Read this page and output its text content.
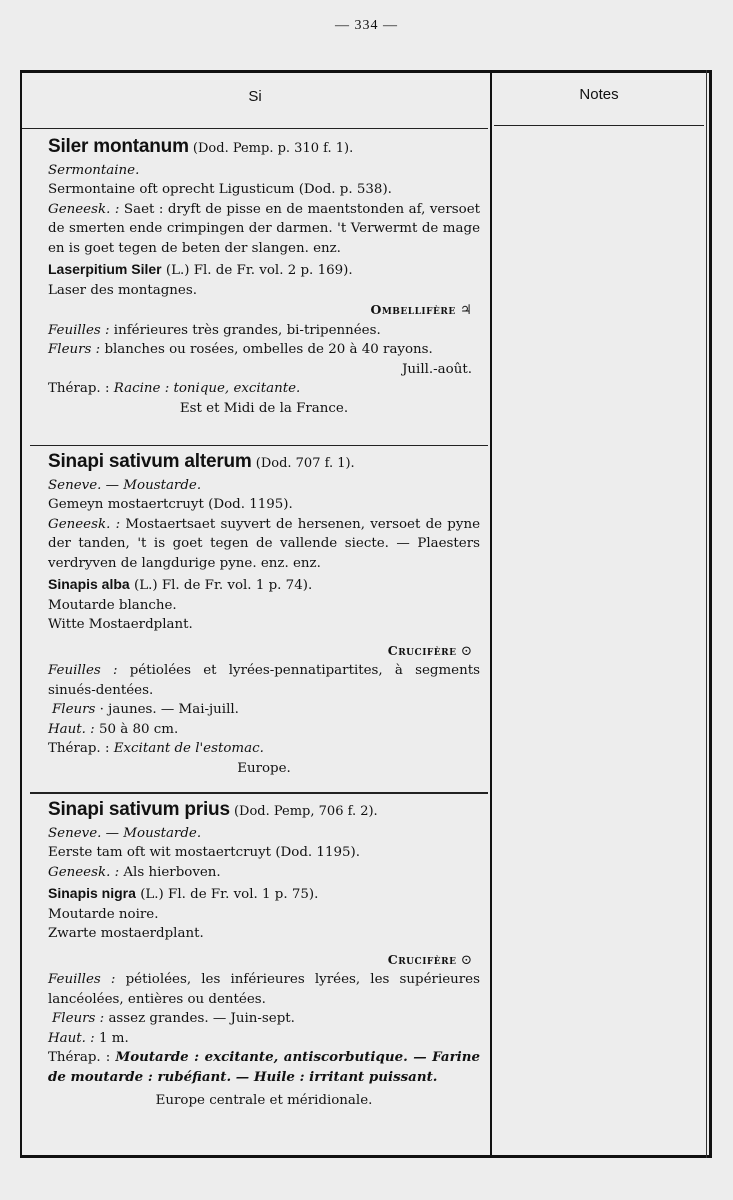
— 334 —
Si	Notes
Siler montanum (Dod. Pemp. p. 310 f. 1).
Sermontaine.
Sermontaine oft oprecht Ligusticum (Dod. p. 538).
Geneesk. : Saet : dryft de pisse en de maentstonden af, versoet de smerten ende crimpingen der darmen. 't Verwermt de mage en is goet tegen de beten der slangen. enz.
Laserpitium Siler (L.) Fl. de Fr. vol. 2 p. 169).
Laser des montagnes.
Ombellifère ♃
Feuilles : inférieures très grandes, bi-tripennées.
Fleurs : blanches ou rosées, ombelles de 20 à 40 rayons.
Juill.-août.
Thérap. : Racine : tonique, excitante.
Est et Midi de la France.
Sinapi sativum alterum (Dod. 707 f. 1).
Seneve. — Moustarde.
Gemeyn mostaertcruyt (Dod. 1195).
Geneesk. : Mostaertsaet suyvert de hersenen, versoet de pyne der tanden, 't is goet tegen de vallende siecte. — Plaesters verdryven de langdurige pyne. enz. enz.
Sinapis alba (L.) Fl. de Fr. vol. 1 p. 74).
Moutarde blanche.
Witte Mostaerdplant.
Crucifère ⊙
Feuilles : pétiolées et lyrées-pennatipartites, à segments sinués-dentées.
Fleurs · jaunes. — Mai-juill.
Haut. : 50 à 80 cm.
Thérap. : Excitant de l'estomac.
Europe.
Sinapi sativum prius (Dod. Pemp, 706 f. 2).
Seneve. — Moustarde.
Eerste tam oft wit mostaertcruyt (Dod. 1195).
Geneesk. : Als hierboven.
Sinapis nigra (L.) Fl. de Fr. vol. 1 p. 75).
Moutarde noire.
Zwarte mostaerdplant.
Crucifère ⊙
Feuilles : pétiolées, les inférieures lyrées, les supérieures lancéolées, entières ou dentées.
Fleurs : assez grandes. — Juin-sept.
Haut. : 1 m.
Thérap. : Moutarde : excitante, antiscorbutique. — Farine de moutarde : rubéfiant. — Huile : irritant puissant.
Europe centrale et méridionale.
